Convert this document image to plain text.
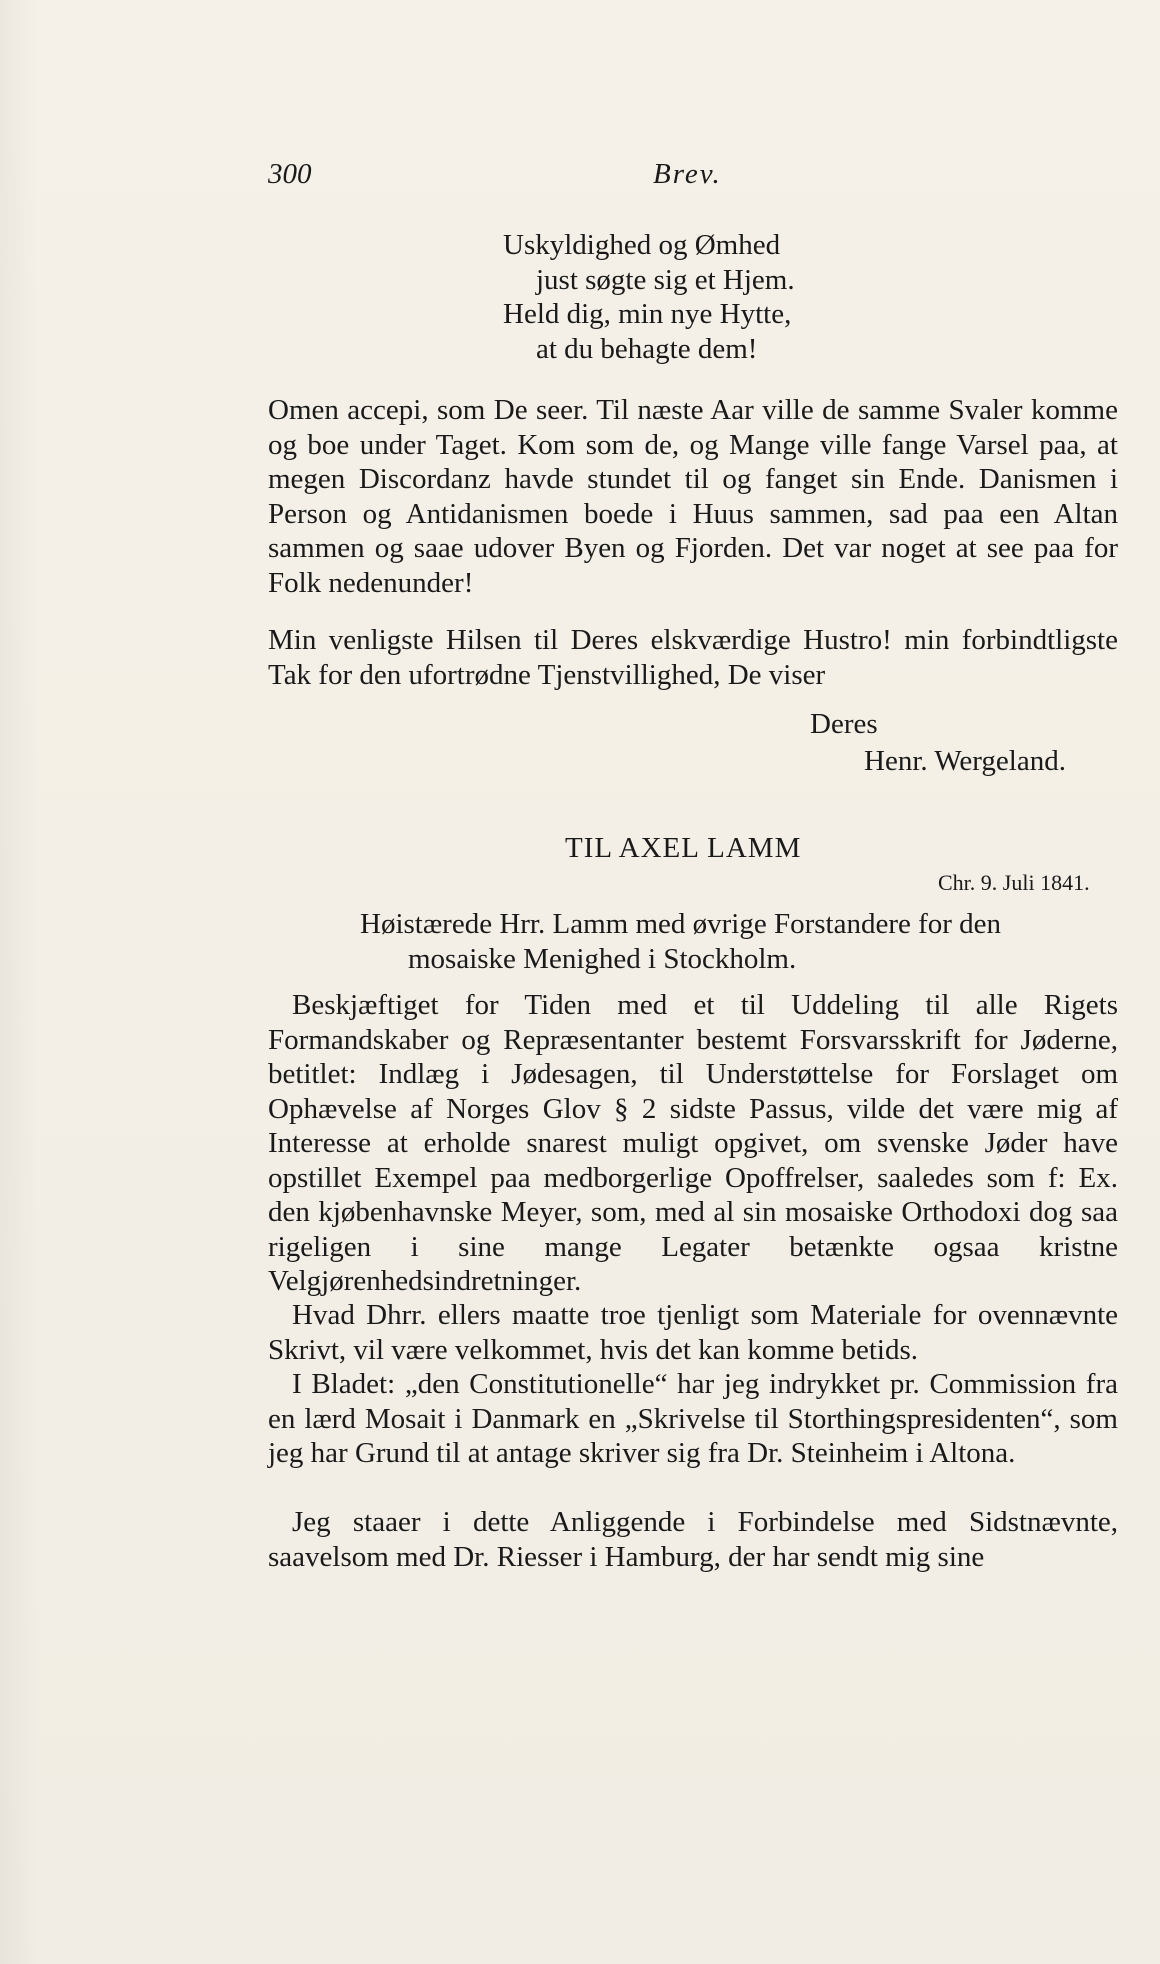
300	Brev.
Uskyldighed og Ømhed
just søgte sig et Hjem.
Held dig, min nye Hytte,
at du behagte dem!
Omen accepi, som De seer. Til næste Aar ville de samme Svaler komme og boe under Taget. Kom som de, og Mange ville fange Varsel paa, at megen Discordanz havde stundet til og fanget sin Ende. Danismen i Person og Antidanismen boede i Huus sammen, sad paa een Altan sammen og saae udover Byen og Fjorden. Det var noget at see paa for Folk nedenunder!
Min venligste Hilsen til Deres elskværdige Hustro! min forbindtligste Tak for den ufortrødne Tjenstvillighed, De viser
Deres
Henr. Wergeland.
TIL AXEL LAMM
Chr. 9. Juli 1841.
Høistærede Hrr. Lamm med øvrige Forstandere for den
mosaiske Menighed i Stockholm.
Beskjæftiget for Tiden med et til Uddeling til alle Rigets Formandskaber og Repræsentanter bestemt Forsvarsskrift for Jøderne, betitlet: Indlæg i Jødesagen, til Understøttelse for Forslaget om Ophævelse af Norges Glov § 2 sidste Passus, vilde det være mig af Interesse at erholde snarest muligt opgivet, om svenske Jøder have opstillet Exempel paa medborgerlige Opoffrelser, saaledes som f: Ex. den kjøbenhavnske Meyer, som, med al sin mosaiske Orthodoxi dog saa rigeligen i sine mange Legater betænkte ogsaa kristne Velgjørenhedsindretninger.
Hvad Dhrr. ellers maatte troe tjenligt som Materiale for ovennævnte Skrivt, vil være velkommet, hvis det kan komme betids.
I Bladet: „den Constitutionelle“ har jeg indrykket pr. Commission fra en lærd Mosait i Danmark en „Skrivelse til Storthingspresidenten“, som jeg har Grund til at antage skriver sig fra Dr. Steinheim i Altona.
Jeg staaer i dette Anliggende i Forbindelse med Sidstnævnte, saavelsom med Dr. Riesser i Hamburg, der har sendt mig sine
